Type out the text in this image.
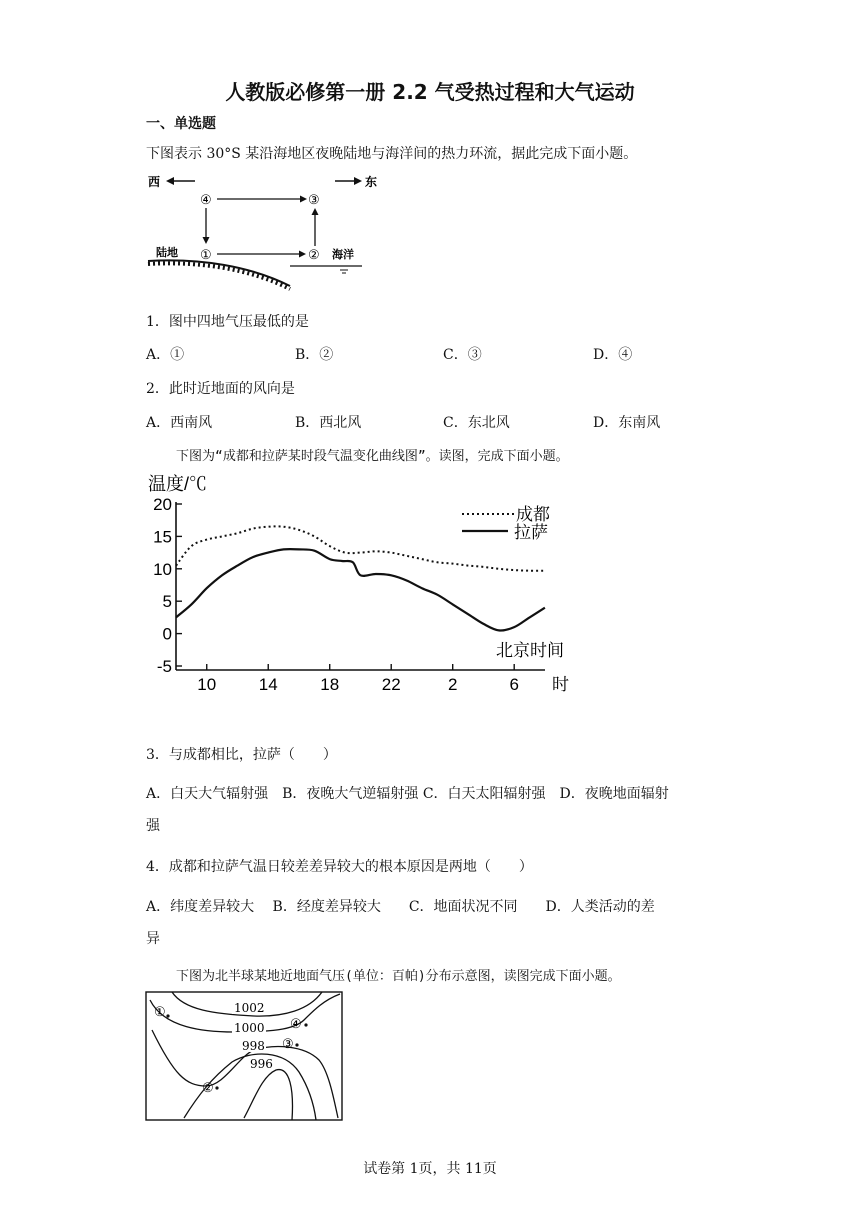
人教版必修第一册 2.2 气受热过程和大气运动
一、单选题
下图表示 30°S 某沿海地区夜晚陆地与海洋间的热力环流，据此完成下面小题。
西	东
④	③
①	②
陆地	海洋
1．图中四地气压最低的是
A．①	B．②	C．③	D．④
2．此时近地面的风向是
A．西南风	B．西北风	C．东北风	D．东南风
下图为“成都和拉萨某时段气温变化曲线图”。读图，完成下面小题。
温度/℃
20
15
10
5
0
-5
10	14	18	22	2	6
北京时间
时
成都
拉萨
3．与成都相比，拉萨（　　）
A．白天大气辐射强　B．夜晚大气逆辐射强 C．白天太阳辐射强　D．夜晚地面辐射
强
4．成都和拉萨气温日较差差异较大的根本原因是两地（　　）
A．纬度差异较大　 B．经度差异较大　　C．地面状况不同　　D．人类活动的差
异
下图为北半球某地近地面气压(单位：百帕)分布示意图，读图完成下面小题。
1002
1000
998
996
①
④
③
②
试卷第 1页，共 11页
